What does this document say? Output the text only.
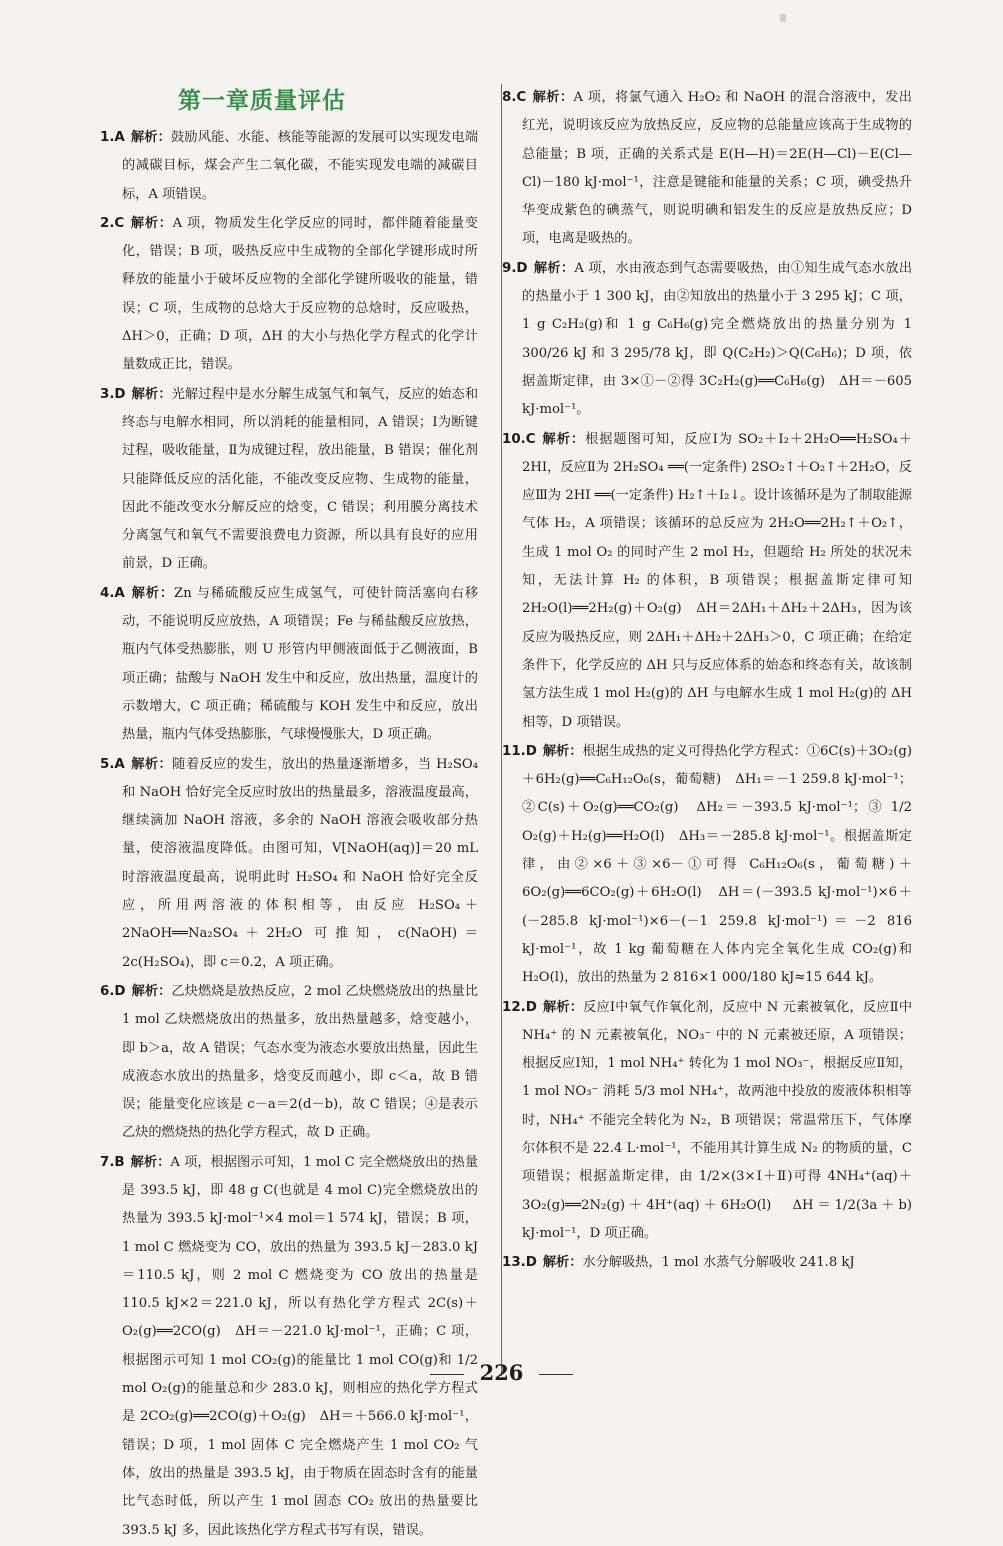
第一章质量评估

1.A 解析：鼓励风能、水能、核能等能源的发展可以实现发电端的减碳目标，煤会产生二氧化碳，不能实现发电端的减碳目标，A 项错误。

2.C 解析：A 项，物质发生化学反应的同时，都伴随着能量变化，错误；B 项，吸热反应中生成物的全部化学键形成时所释放的能量小于破坏反应物的全部化学键所吸收的能量，错误；C 项，生成物的总焓大于反应物的总焓时，反应吸热，ΔH＞0，正确；D 项，ΔH 的大小与热化学方程式的化学计量数成正比，错误。

3.D 解析：光解过程中是水分解生成氢气和氧气，反应的始态和终态与电解水相同，所以消耗的能量相同，A 错误；Ⅰ为断键过程，吸收能量，Ⅱ为成键过程，放出能量，B 错误；催化剂只能降低反应的活化能，不能改变反应物、生成物的能量，因此不能改变水分解反应的焓变，C 错误；利用膜分离技术分离氢气和氧气不需要浪费电力资源，所以具有良好的应用前景，D 正确。

4.A 解析：Zn 与稀硫酸反应生成氢气，可使针筒活塞向右移动，不能说明反应放热，A 项错误；Fe 与稀盐酸反应放热，瓶内气体受热膨胀，则 U 形管内甲侧液面低于乙侧液面，B 项正确；盐酸与 NaOH 发生中和反应，放出热量，温度计的示数增大，C 项正确；稀硫酸与 KOH 发生中和反应，放出热量，瓶内气体受热膨胀，气球慢慢胀大，D 项正确。

5.A 解析：随着反应的发生，放出的热量逐渐增多，当 H₂SO₄ 和 NaOH 恰好完全反应时放出的热量最多，溶液温度最高，继续滴加 NaOH 溶液，多余的 NaOH 溶液会吸收部分热量，使溶液温度降低。由图可知，V[NaOH(aq)]＝20 mL 时溶液温度最高，说明此时 H₂SO₄ 和 NaOH 恰好完全反应，所用两溶液的体积相等，由反应 H₂SO₄＋2NaOH══Na₂SO₄＋2H₂O 可推知，c(NaOH)＝2c(H₂SO₄)，即 c＝0.2，A 项正确。

6.D 解析：乙炔燃烧是放热反应，2 mol 乙炔燃烧放出的热量比 1 mol 乙炔燃烧放出的热量多，放出热量越多，焓变越小，即 b＞a，故 A 错误；气态水变为液态水要放出热量，因此生成液态水放出的热量多，焓变反而越小，即 c＜a，故 B 错误；能量变化应该是 c－a＝2(d－b)，故 C 错误；④是表示乙炔的燃烧热的热化学方程式，故 D 正确。

7.B 解析：A 项，根据图示可知，1 mol C 完全燃烧放出的热量是 393.5 kJ，即 48 g C(也就是 4 mol C)完全燃烧放出的热量为 393.5 kJ·mol⁻¹×4 mol＝1 574 kJ，错误；B 项，1 mol C 燃烧变为 CO，放出的热量为 393.5 kJ－283.0 kJ＝110.5 kJ，则 2 mol C 燃烧变为 CO 放出的热量是 110.5 kJ×2＝221.0 kJ，所以有热化学方程式 2C(s)＋O₂(g)══2CO(g)　ΔH＝－221.0 kJ·mol⁻¹，正确；C 项，根据图示可知 1 mol CO₂(g)的能量比 1 mol CO(g)和 1/2 mol O₂(g)的能量总和少 283.0 kJ，则相应的热化学方程式是 2CO₂(g)══2CO(g)＋O₂(g)　ΔH＝＋566.0 kJ·mol⁻¹，错误；D 项，1 mol 固体 C 完全燃烧产生 1 mol CO₂ 气体，放出的热量是 393.5 kJ，由于物质在固态时含有的能量比气态时低，所以产生 1 mol 固态 CO₂ 放出的热量要比 393.5 kJ 多，因此该热化学方程式书写有误，错误。

8.C 解析：A 项，将氯气通入 H₂O₂ 和 NaOH 的混合溶液中，发出红光，说明该反应为放热反应，反应物的总能量应该高于生成物的总能量；B 项，正确的关系式是 E(H—H)＝2E(H—Cl)－E(Cl—Cl)－180 kJ·mol⁻¹，注意是键能和能量的关系；C 项，碘受热升华变成紫色的碘蒸气，则说明碘和铝发生的反应是放热反应；D 项，电离是吸热的。

9.D 解析：A 项，水由液态到气态需要吸热，由①知生成气态水放出的热量小于 1 300 kJ，由②知放出的热量小于 3 295 kJ；C 项，1 g C₂H₂(g)和 1 g C₆H₆(g)完全燃烧放出的热量分别为 1 300/26 kJ 和 3 295/78 kJ，即 Q(C₂H₂)＞Q(C₆H₆)；D 项，依据盖斯定律，由 3×①－②得 3C₂H₂(g)══C₆H₆(g)　ΔH＝－605 kJ·mol⁻¹。

10.C 解析：根据题图可知，反应Ⅰ为 SO₂＋I₂＋2H₂O══H₂SO₄＋2HI，反应Ⅱ为 2H₂SO₄ ══(一定条件) 2SO₂↑＋O₂↑＋2H₂O，反应Ⅲ为 2HI ══(一定条件) H₂↑＋I₂↓。设计该循环是为了制取能源气体 H₂，A 项错误；该循环的总反应为 2H₂O══2H₂↑＋O₂↑，生成 1 mol O₂ 的同时产生 2 mol H₂，但题给 H₂ 所处的状况未知，无法计算 H₂ 的体积，B 项错误；根据盖斯定律可知 2H₂O(l)══2H₂(g)＋O₂(g)　ΔH＝2ΔH₁＋ΔH₂＋2ΔH₃，因为该反应为吸热反应，则 2ΔH₁＋ΔH₂＋2ΔH₃＞0，C 项正确；在给定条件下，化学反应的 ΔH 只与反应体系的始态和终态有关，故该制氢方法生成 1 mol H₂(g)的 ΔH 与电解水生成 1 mol H₂(g)的 ΔH 相等，D 项错误。

11.D 解析：根据生成热的定义可得热化学方程式：①6C(s)＋3O₂(g)＋6H₂(g)══C₆H₁₂O₆(s，葡萄糖)　ΔH₁＝－1 259.8 kJ·mol⁻¹；②C(s)＋O₂(g)══CO₂(g)　ΔH₂＝－393.5 kJ·mol⁻¹；③ 1/2 O₂(g)＋H₂(g)══H₂O(l)　ΔH₃＝－285.8 kJ·mol⁻¹。根据盖斯定律，由②×6＋③×6－①可得 C₆H₁₂O₆(s，葡萄糖)＋6O₂(g)══6CO₂(g)＋6H₂O(l)　ΔH＝(－393.5 kJ·mol⁻¹)×6＋(－285.8 kJ·mol⁻¹)×6－(－1 259.8 kJ·mol⁻¹)＝－2 816 kJ·mol⁻¹，故 1 kg 葡萄糖在人体内完全氧化生成 CO₂(g)和 H₂O(l)，放出的热量为 2 816×1 000/180 kJ≈15 644 kJ。

12.D 解析：反应Ⅰ中氧气作氧化剂，反应中 N 元素被氧化，反应Ⅱ中 NH₄⁺ 的 N 元素被氧化，NO₃⁻ 中的 N 元素被还原，A 项错误；根据反应Ⅰ知，1 mol NH₄⁺ 转化为 1 mol NO₃⁻，根据反应Ⅱ知，1 mol NO₃⁻ 消耗 5/3 mol NH₄⁺，故两池中投放的废液体积相等时，NH₄⁺ 不能完全转化为 N₂，B 项错误；常温常压下，气体摩尔体积不是 22.4 L·mol⁻¹，不能用其计算生成 N₂ 的物质的量，C 项错误；根据盖斯定律，由 1/2×(3×Ⅰ＋Ⅱ)可得 4NH₄⁺(aq)＋3O₂(g)══2N₂(g)＋4H⁺(aq)＋6H₂O(l)　ΔH＝1/2(3a＋b) kJ·mol⁻¹，D 项正确。

13.D 解析：水分解吸热，1 mol 水蒸气分解吸收 241.8 kJ

226
